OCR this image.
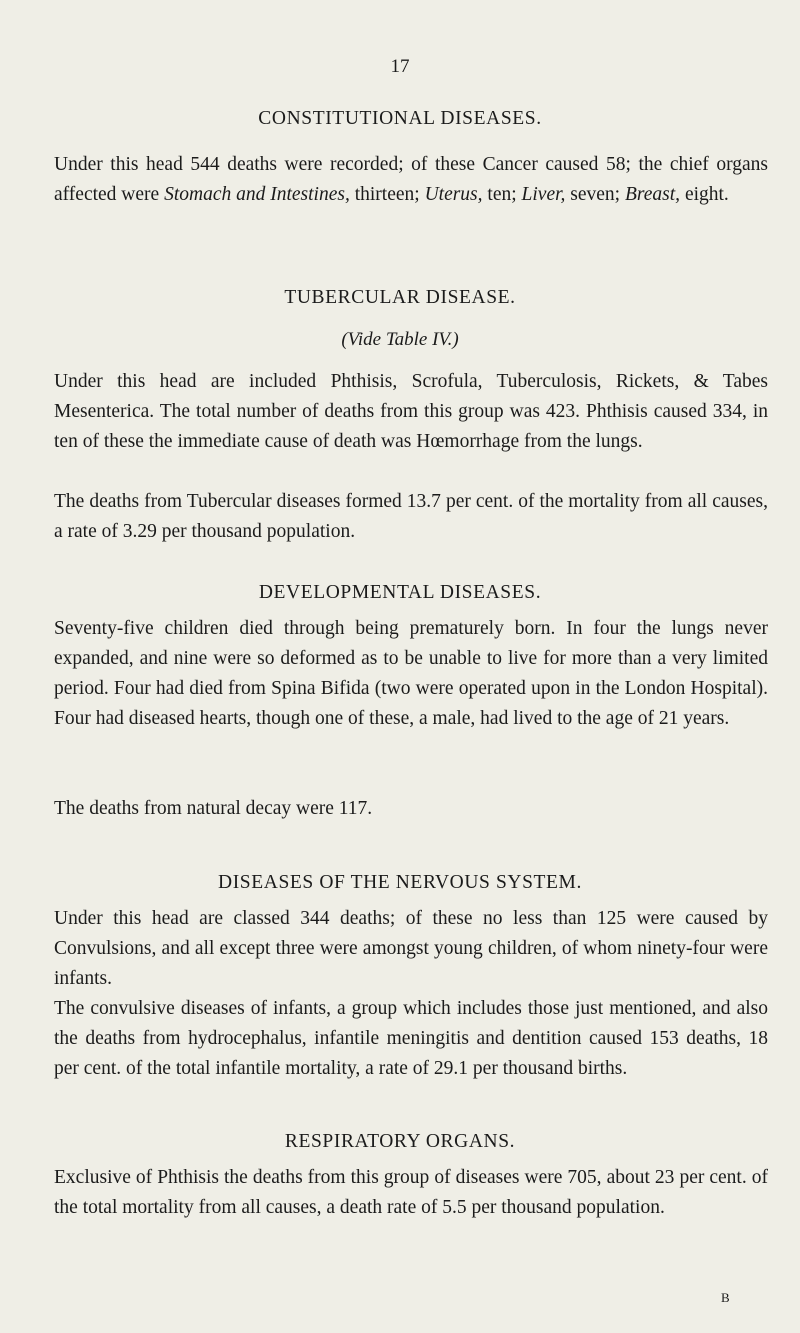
17
CONSTITUTIONAL DISEASES.
Under this head 544 deaths were recorded; of these Cancer caused 58; the chief organs affected were Stomach and Intestines, thirteen; Uterus, ten; Liver, seven; Breast, eight.
TUBERCULAR DISEASE.
(Vide Table IV.)
Under this head are included Phthisis, Scrofula, Tuberculosis, Rickets, & Tabes Mesenterica. The total number of deaths from this group was 423. Phthisis caused 334, in ten of these the immediate cause of death was Hœmorrhage from the lungs.
The deaths from Tubercular diseases formed 13.7 per cent. of the mortality from all causes, a rate of 3.29 per thousand population.
DEVELOPMENTAL DISEASES.
Seventy-five children died through being prematurely born. In four the lungs never expanded, and nine were so deformed as to be unable to live for more than a very limited period. Four had died from Spina Bifida (two were operated upon in the London Hospital). Four had diseased hearts, though one of these, a male, had lived to the age of 21 years.
The deaths from natural decay were 117.
DISEASES OF THE NERVOUS SYSTEM.
Under this head are classed 344 deaths; of these no less than 125 were caused by Convulsions, and all except three were amongst young children, of whom ninety-four were infants.
The convulsive diseases of infants, a group which includes those just mentioned, and also the deaths from hydrocephalus, infantile meningitis and dentition caused 153 deaths, 18 per cent. of the total infantile mortality, a rate of 29.1 per thousand births.
RESPIRATORY ORGANS.
Exclusive of Phthisis the deaths from this group of diseases were 705, about 23 per cent. of the total mortality from all causes, a death rate of 5.5 per thousand population.
B
